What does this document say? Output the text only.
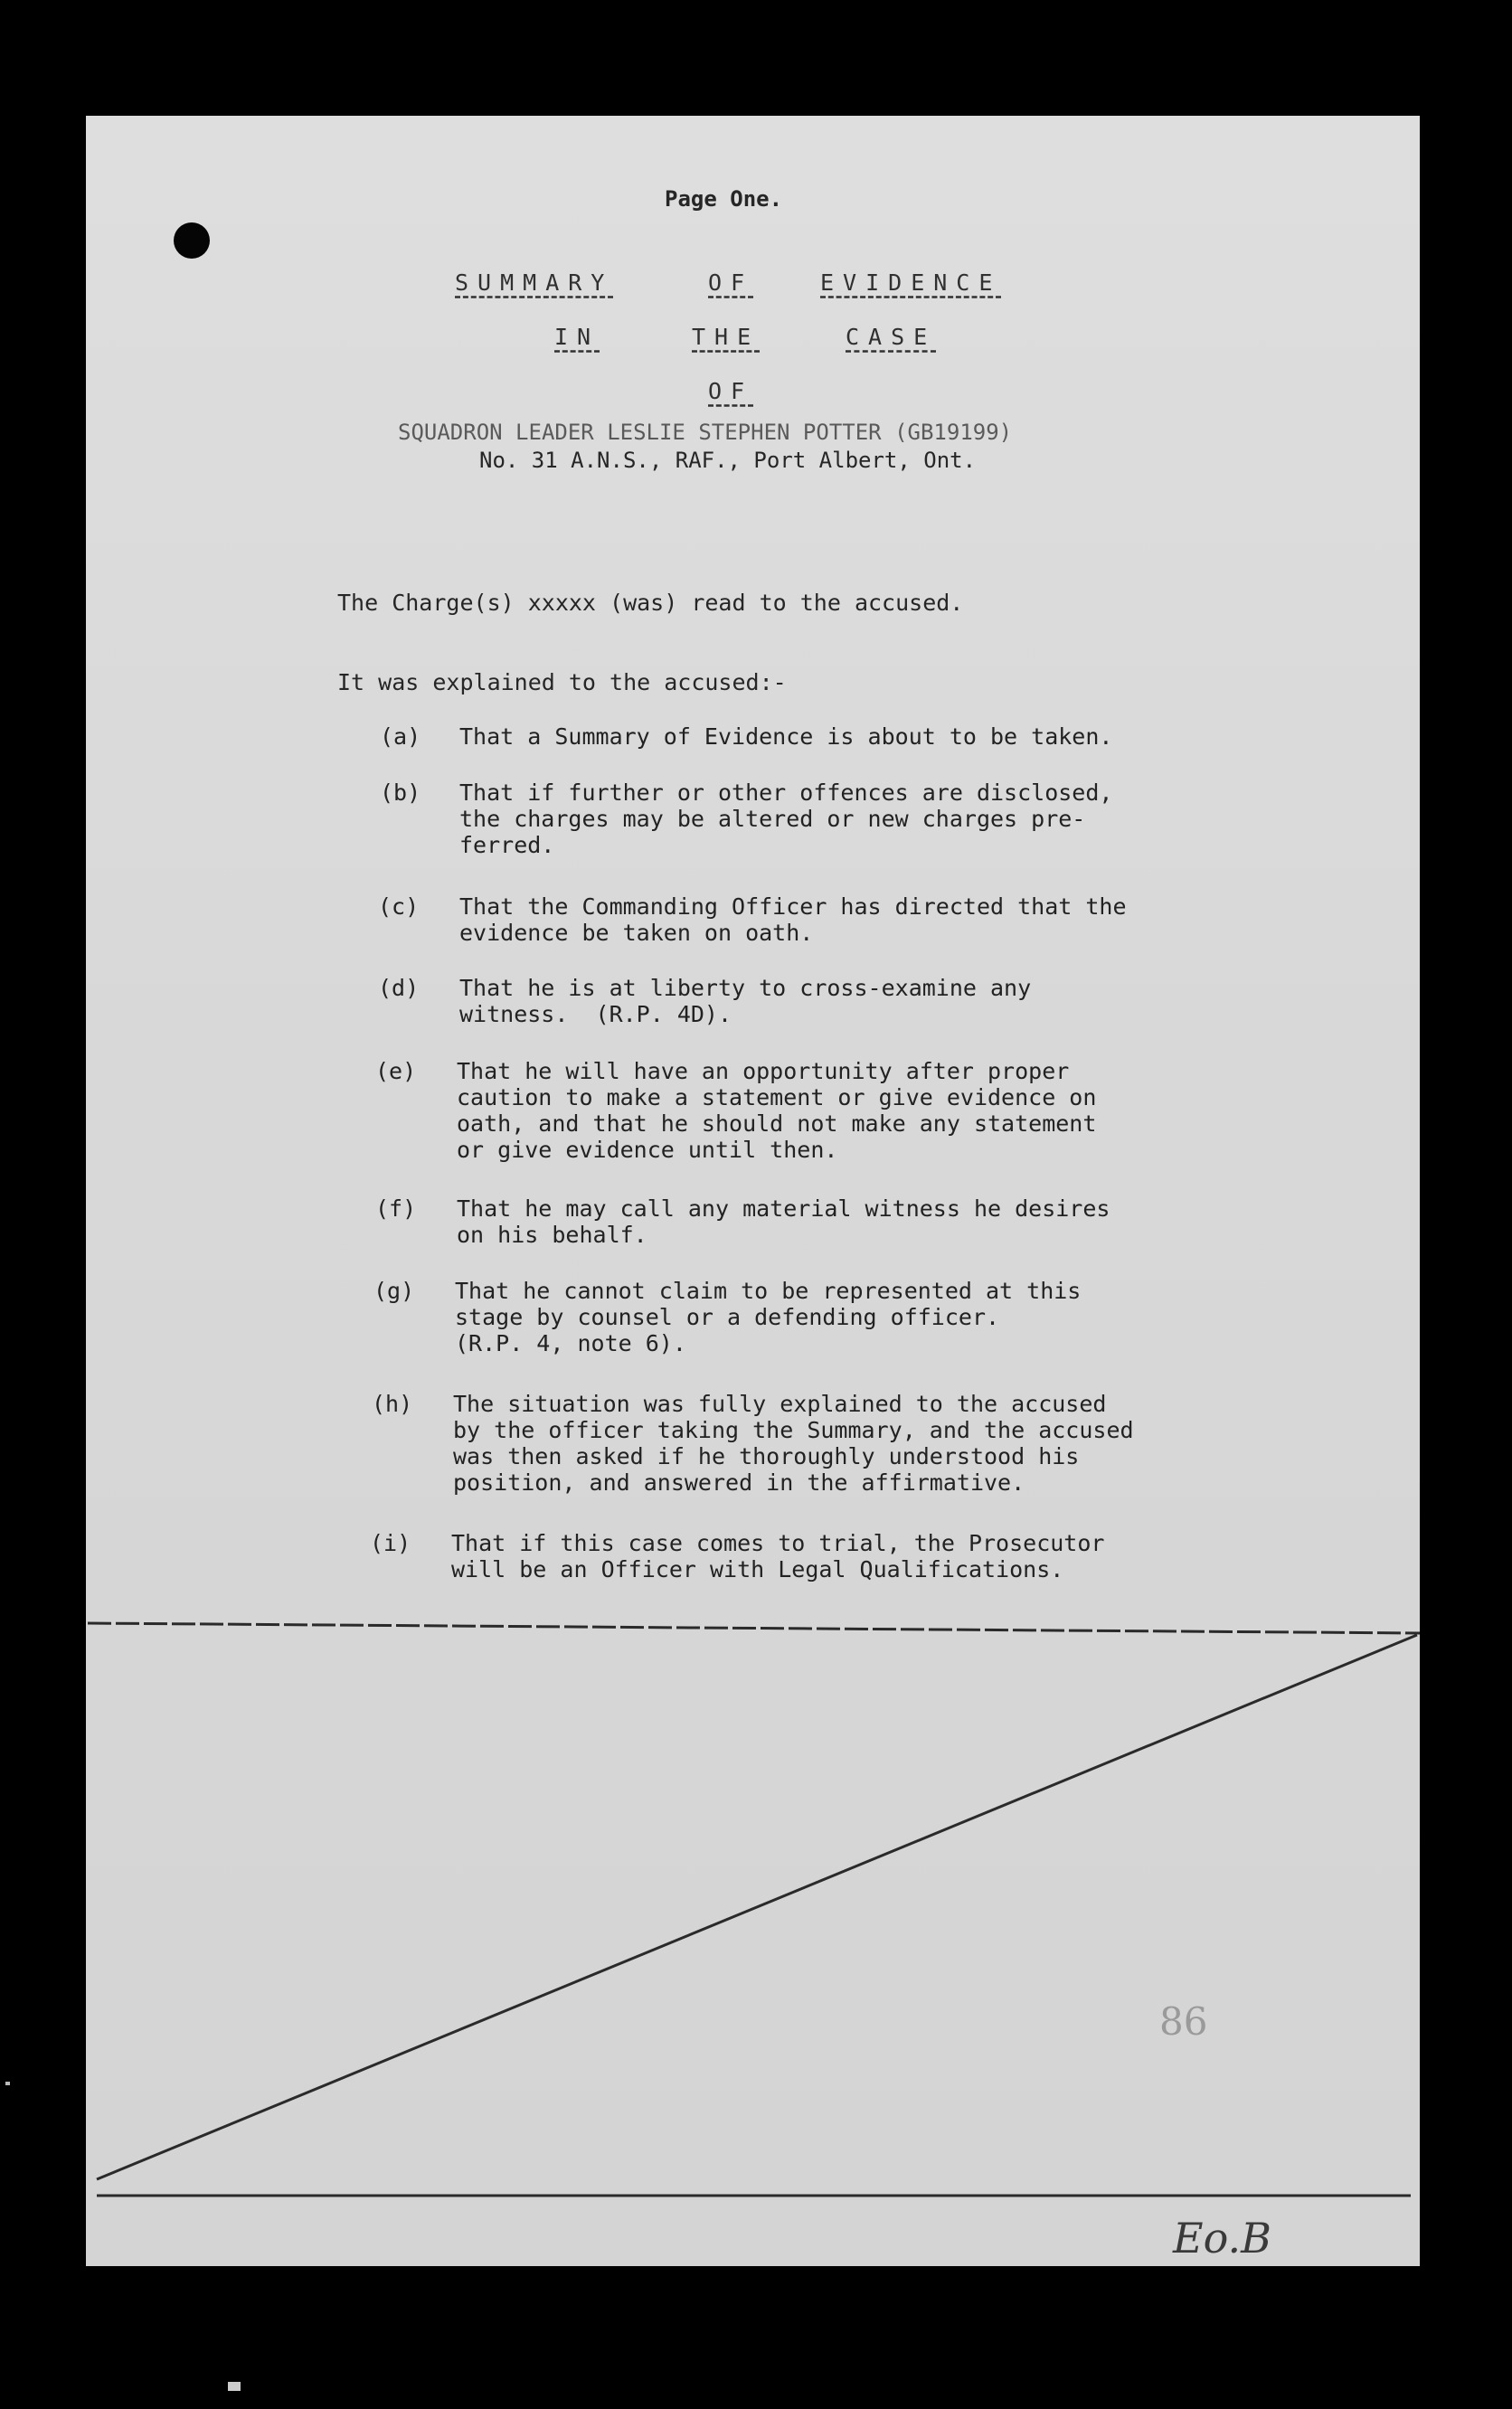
Page One.
SUMMARY	OF	EVIDENCE
IN	THE	CASE
OF
SQUADRON LEADER LESLIE STEPHEN POTTER (GB19199)
No. 31 A.N.S., RAF., Port Albert, Ont.
The Charge(s) xxxxx (was) read to the accused.
It was explained to the accused:-
(a) That a Summary of Evidence is about to be taken.
(b) That if further or other offences are disclosed,
the charges may be altered or new charges pre-
ferred.
(c) That the Commanding Officer has directed that the
evidence be taken on oath.
(d) That he is at liberty to cross-examine any
witness.  (R.P. 4D).
(e) That he will have an opportunity after proper
caution to make a statement or give evidence on
oath, and that he should not make any statement
or give evidence until then.
(f) That he may call any material witness he desires
on his behalf.
(g) That he cannot claim to be represented at this
stage by counsel or a defending officer.
(R.P. 4, note 6).
(h) The situation was fully explained to the accused
by the officer taking the Summary, and the accused
was then asked if he thoroughly understood his
position, and answered in the affirmative.
(i) That if this case comes to trial, the Prosecutor
will be an Officer with Legal Qualifications.
86
Eo.B
